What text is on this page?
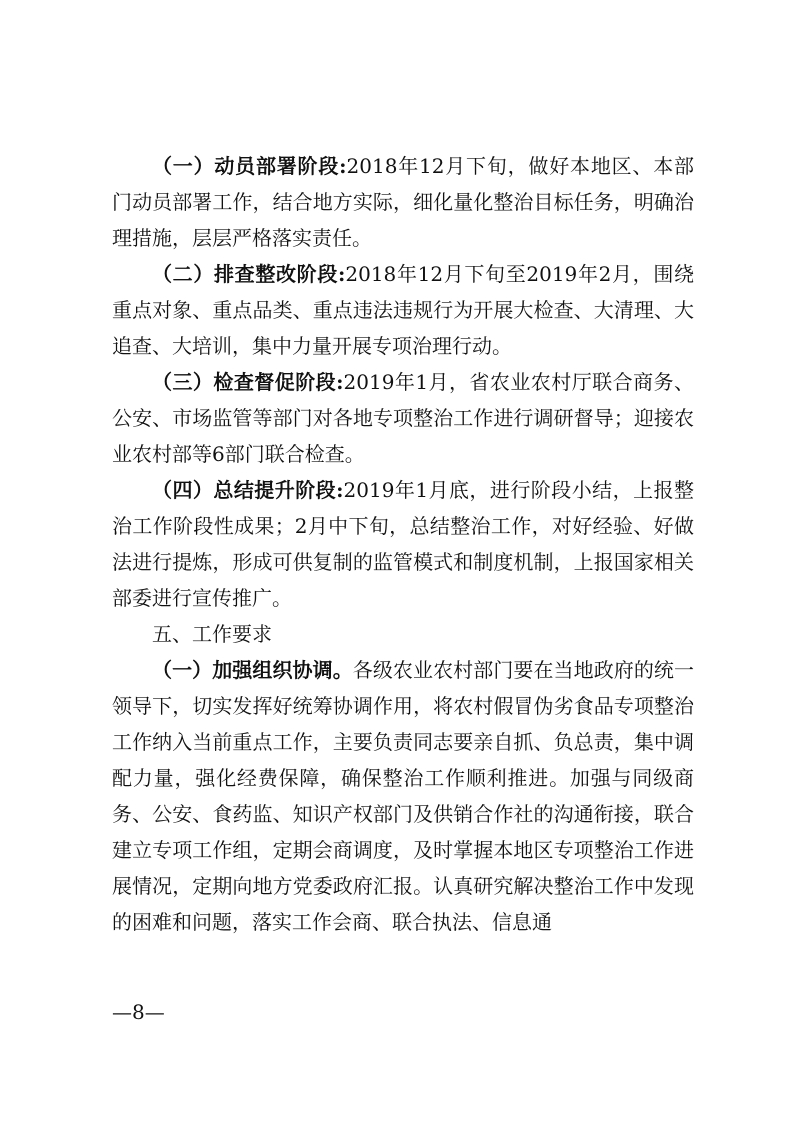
（一）动员部署阶段:2018年12月下旬，做好本地区、本部门动员部署工作，结合地方实际，细化量化整治目标任务，明确治理措施，层层严格落实责任。

（二）排查整改阶段:2018年12月下旬至2019年2月，围绕重点对象、重点品类、重点违法违规行为开展大检查、大清理、大追查、大培训，集中力量开展专项治理行动。

（三）检查督促阶段:2019年1月，省农业农村厅联合商务、公安、市场监管等部门对各地专项整治工作进行调研督导；迎接农业农村部等6部门联合检查。

（四）总结提升阶段:2019年1月底，进行阶段小结，上报整治工作阶段性成果；2月中下旬，总结整治工作，对好经验、好做法进行提炼，形成可供复制的监管模式和制度机制，上报国家相关部委进行宣传推广。

五、工作要求

（一）加强组织协调。各级农业农村部门要在当地政府的统一领导下，切实发挥好统筹协调作用，将农村假冒伪劣食品专项整治工作纳入当前重点工作，主要负责同志要亲自抓、负总责，集中调配力量，强化经费保障，确保整治工作顺利推进。加强与同级商务、公安、食药监、知识产权部门及供销合作社的沟通衔接，联合建立专项工作组，定期会商调度，及时掌握本地区专项整治工作进展情况，定期向地方党委政府汇报。认真研究解决整治工作中发现的困难和问题，落实工作会商、联合执法、信息通

—8—
